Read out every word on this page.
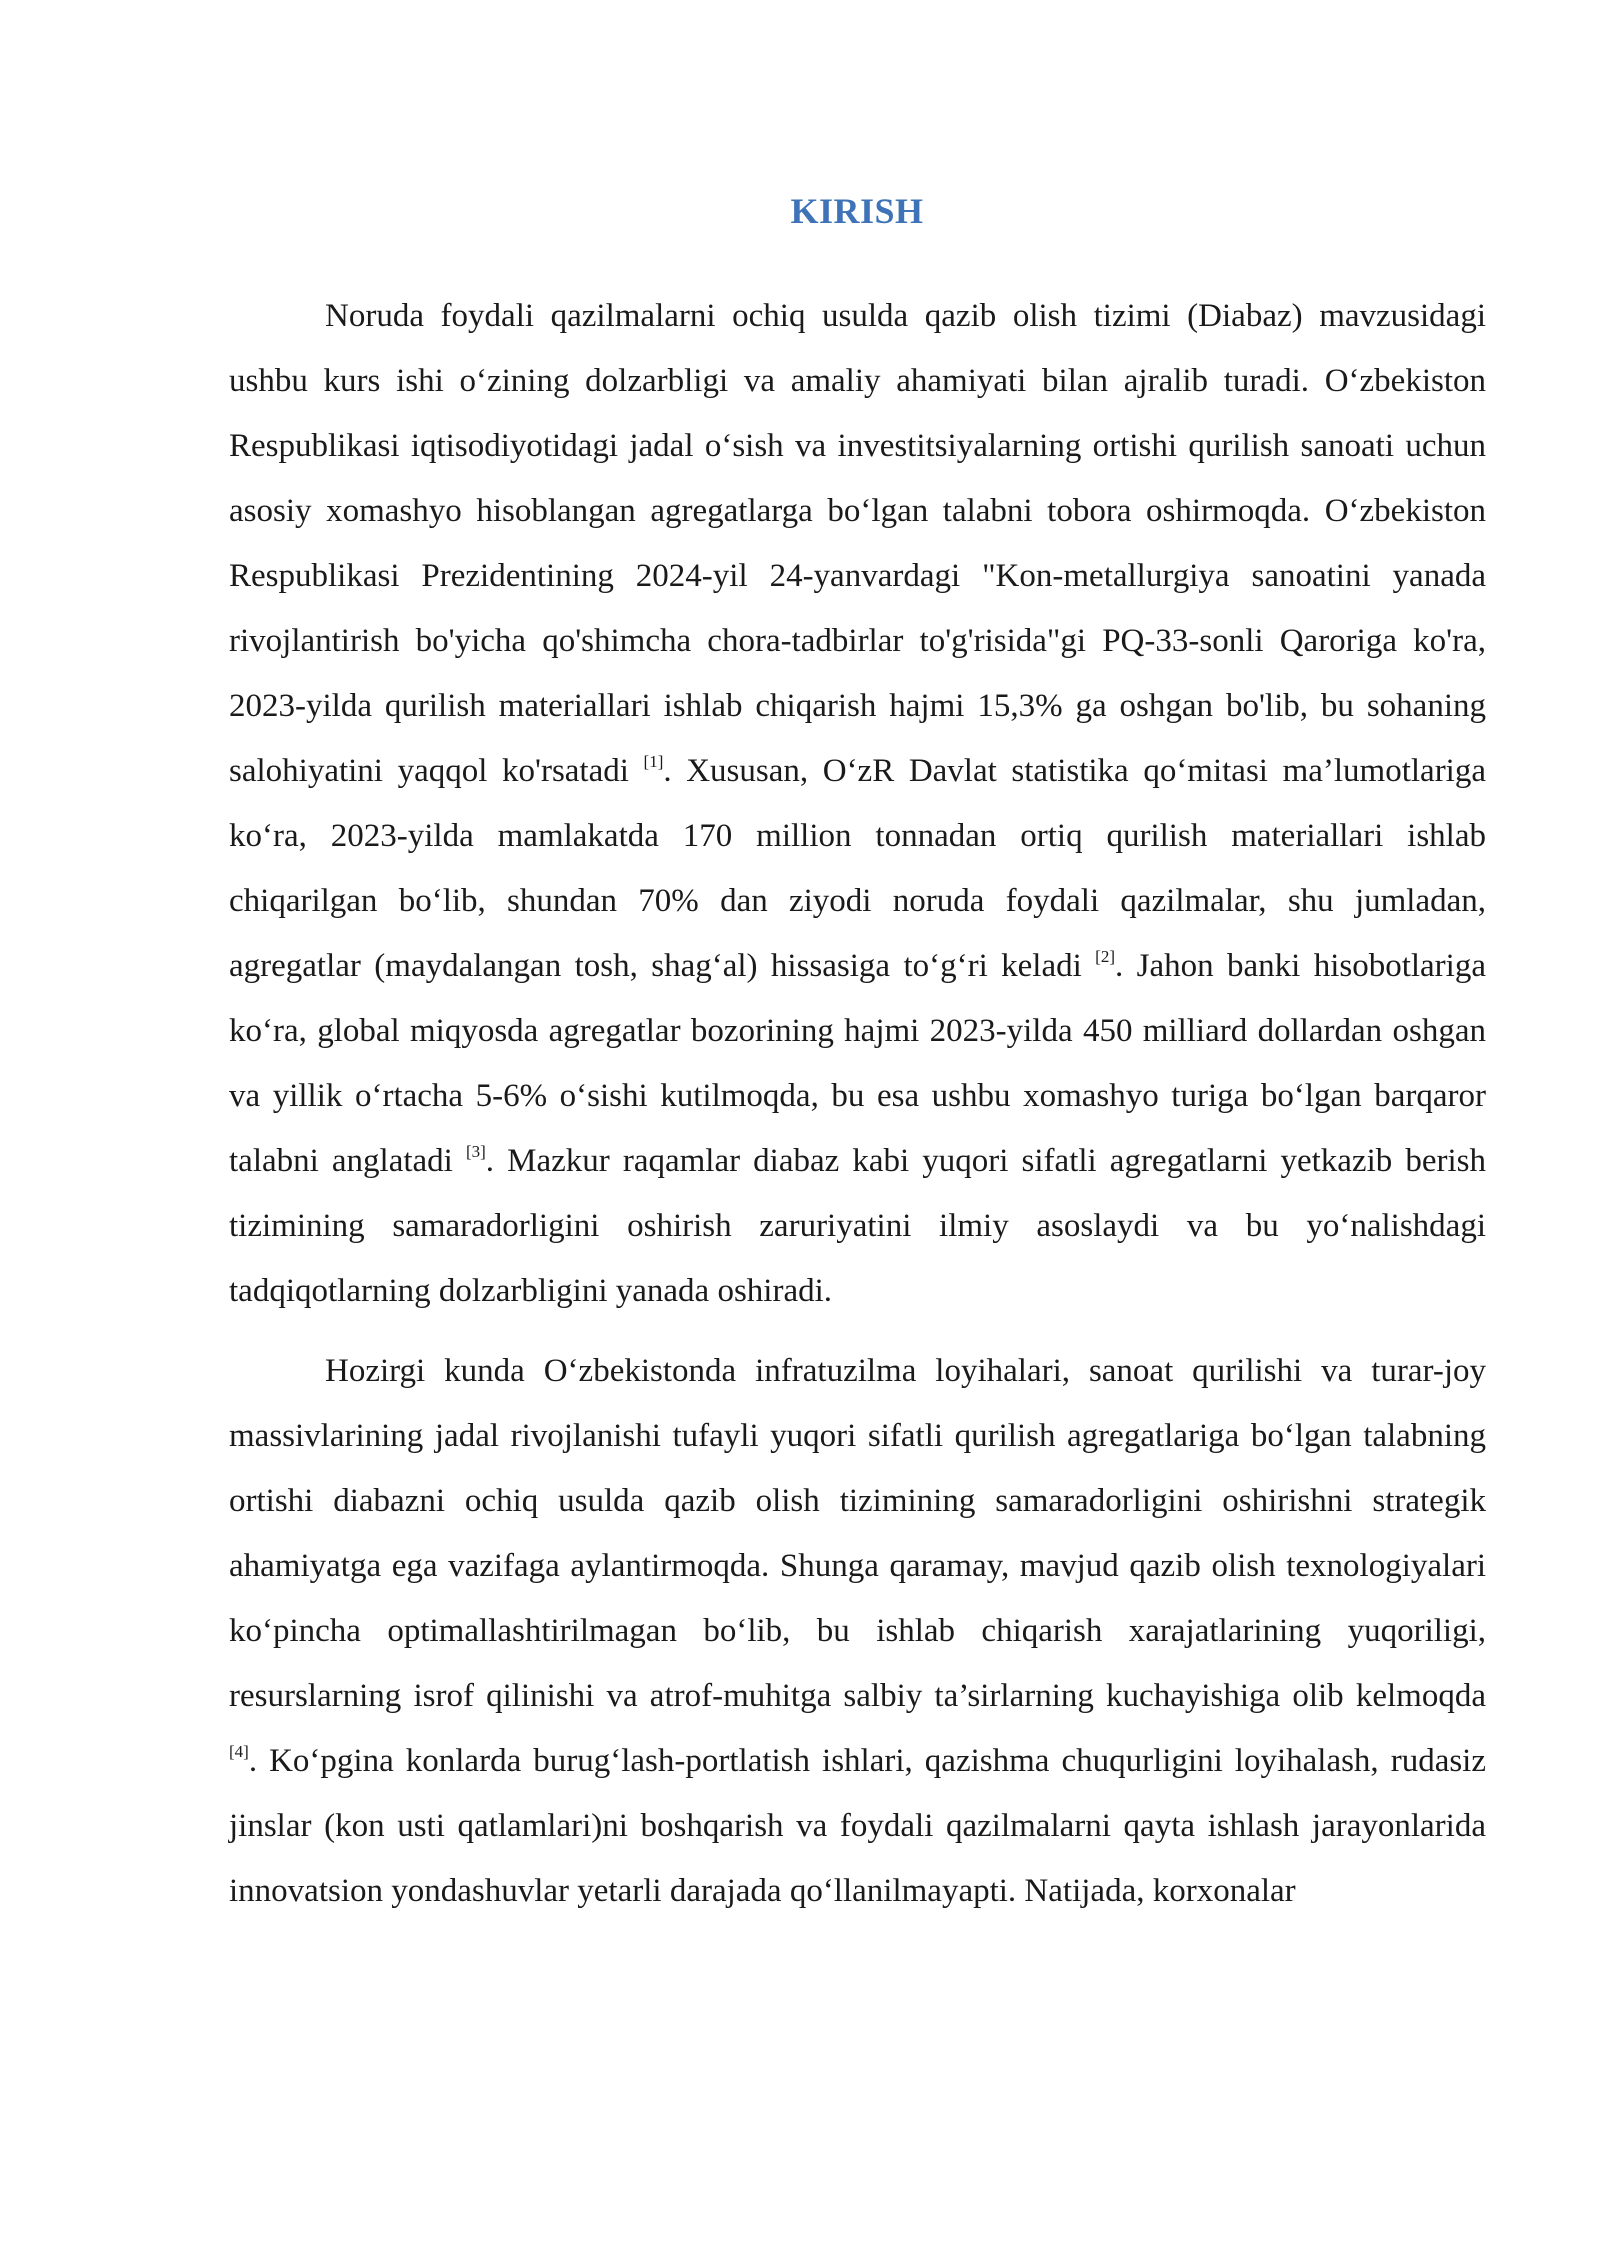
KIRISH

Noruda foydali qazilmalarni ochiq usulda qazib olish tizimi (Diabaz) mavzusidagi ushbu kurs ishi o‘zining dolzarbligi va amaliy ahamiyati bilan ajralib turadi. O‘zbekiston Respublikasi iqtisodiyotidagi jadal o‘sish va investitsiyalarning ortishi qurilish sanoati uchun asosiy xomashyo hisoblangan agregatlarga bo‘lgan talabni tobora oshirmoqda. O‘zbekiston Respublikasi Prezidentining 2024-yil 24-yanvardagi "Kon-metallurgiya sanoatini yanada rivojlantirish bo'yicha qo'shimcha chora-tadbirlar to'g'risida"gi PQ-33-sonli Qaroriga ko'ra, 2023-yilda qurilish materiallari ishlab chiqarish hajmi 15,3% ga oshgan bo'lib, bu sohaning salohiyatini yaqqol ko'rsatadi [1]. Xususan, O‘zR Davlat statistika qo‘mitasi ma’lumotlariga ko‘ra, 2023-yilda mamlakatda 170 million tonnadan ortiq qurilish materiallari ishlab chiqarilgan bo‘lib, shundan 70% dan ziyodi noruda foydali qazilmalar, shu jumladan, agregatlar (maydalangan tosh, shag‘al) hissasiga to‘g‘ri keladi [2]. Jahon banki hisobotlariga ko‘ra, global miqyosda agregatlar bozorining hajmi 2023-yilda 450 milliard dollardan oshgan va yillik o‘rtacha 5-6% o‘sishi kutilmoqda, bu esa ushbu xomashyo turiga bo‘lgan barqaror talabni anglatadi [3]. Mazkur raqamlar diabaz kabi yuqori sifatli agregatlarni yetkazib berish tizimining samaradorligini oshirish zaruriyatini ilmiy asoslaydi va bu yo‘nalishdagi tadqiqotlarning dolzarbligini yanada oshiradi.

Hozirgi kunda O‘zbekistonda infratuzilma loyihalari, sanoat qurilishi va turar-joy massivlarining jadal rivojlanishi tufayli yuqori sifatli qurilish agregatlariga bo‘lgan talabning ortishi diabazni ochiq usulda qazib olish tizimining samaradorligini oshirishni strategik ahamiyatga ega vazifaga aylantirmoqda. Shunga qaramay, mavjud qazib olish texnologiyalari ko‘pincha optimallashtirilmagan bo‘lib, bu ishlab chiqarish xarajatlarining yuqoriligi, resurslarning isrof qilinishi va atrof-muhitga salbiy ta’sirlarning kuchayishiga olib kelmoqda [4]. Ko‘pgina konlarda burug‘lash-portlatish ishlari, qazishma chuqurligini loyihalash, rudasiz jinslar (kon usti qatlamlari)ni boshqarish va foydali qazilmalarni qayta ishlash jarayonlarida innovatsion yondashuvlar yetarli darajada qo‘llanilmayapti. Natijada, korxonalar
